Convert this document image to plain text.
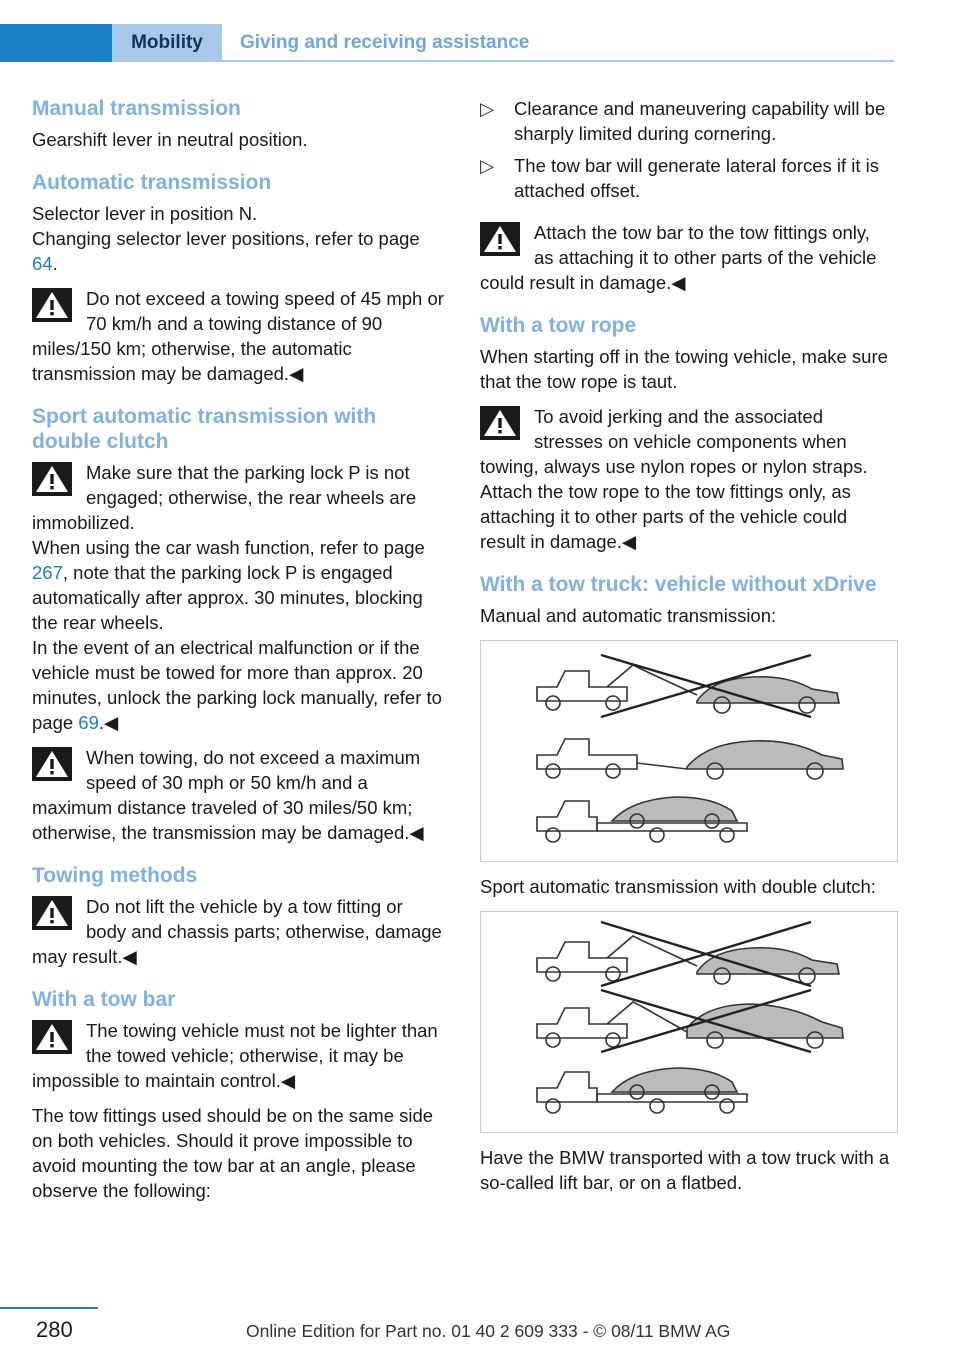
Mobility	Giving and receiving assistance
Manual transmission

Gearshift lever in neutral position.

Automatic transmission

Selector lever in position N.

Changing selector lever positions, refer to page 64.

Do not exceed a towing speed of 45 mph or 70 km/h and a towing distance of 90 miles/150 km; otherwise, the automatic transmission may be damaged.◀
Sport automatic transmission with double clutch
Make sure that the parking lock P is not engaged; otherwise, the rear wheels are immobilized.
When using the car wash function, refer to page 267, note that the parking lock P is engaged automatically after approx. 30 minutes, blocking the rear wheels.
In the event of an electrical malfunction or if the vehicle must be towed for more than approx. 20 minutes, unlock the parking lock manually, refer to page 69.◀
When towing, do not exceed a maximum speed of 30 mph or 50 km/h and a maximum distance traveled of 30 miles/50 km; otherwise, the transmission may be damaged.◀
Towing methods
Do not lift the vehicle by a tow fitting or body and chassis parts; otherwise, damage may result.◀
With a tow bar
The towing vehicle must not be lighter than the towed vehicle; otherwise, it may be impossible to maintain control.◀

The tow fittings used should be on the same side on both vehicles. Should it prove impossible to avoid mounting the tow bar at an angle, please observe the following:

▷ Clearance and maneuvering capability will be sharply limited during cornering.
▷ The tow bar will generate lateral forces if it is attached offset.
Attach the tow bar to the tow fittings only, as attaching it to other parts of the vehicle could result in damage.◀
With a tow rope

When starting off in the towing vehicle, make sure that the tow rope is taut.

To avoid jerking and the associated stresses on vehicle components when towing, always use nylon ropes or nylon straps. Attach the tow rope to the tow fittings only, as attaching it to other parts of the vehicle could result in damage.◀
With a tow truck: vehicle without xDrive

Manual and automatic transmission:

Sport automatic transmission with double clutch:

Have the BMW transported with a tow truck with a so-called lift bar, or on a flatbed.

280	Online Edition for Part no. 01 40 2 609 333 - © 08/11 BMW AG
